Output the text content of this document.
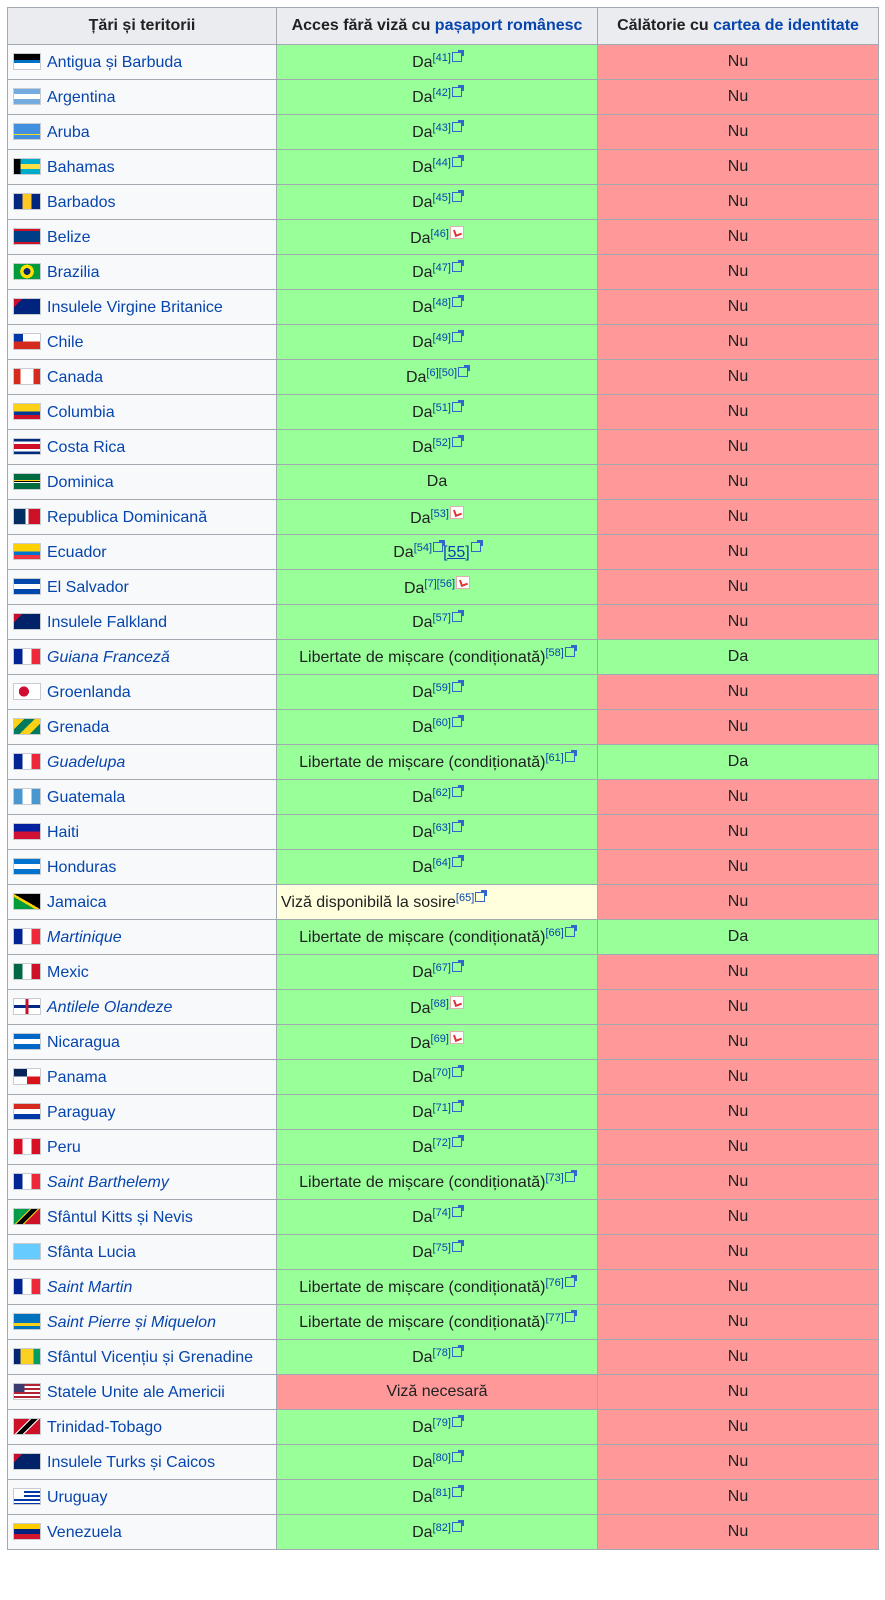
Țări și teritorii	Acces fără viză cu pașaport românesc	Călătorie cu cartea de identitate
Antigua și Barbuda	Da[41]	Nu
Argentina	Da[42]	Nu
Aruba	Da[43]	Nu
Bahamas	Da[44]	Nu
Barbados	Da[45]	Nu
Belize	Da[46]	Nu
Brazilia	Da[47]	Nu
Insulele Virgine Britanice	Da[48]	Nu
Chile	Da[49]	Nu
Canada	Da[6][50]	Nu
Columbia	Da[51]	Nu
Costa Rica	Da[52]	Nu
Dominica	Da	Nu
Republica Dominicană	Da[53]	Nu
Ecuador	Da[54] [55]	Nu
El Salvador	Da[7][56]	Nu
Insulele Falkland	Da[57]	Nu
Guiana Franceză	Libertate de mișcare (condiționată)[58]	Da
Groenlanda	Da[59]	Nu
Grenada	Da[60]	Nu
Guadelupa	Libertate de mișcare (condiționată)[61]	Da
Guatemala	Da[62]	Nu
Haiti	Da[63]	Nu
Honduras	Da[64]	Nu
Jamaica	Viză disponibilă la sosire[65]	Nu
Martinique	Libertate de mișcare (condiționată)[66]	Da
Mexic	Da[67]	Nu
Antilele Olandeze	Da[68]	Nu
Nicaragua	Da[69]	Nu
Panama	Da[70]	Nu
Paraguay	Da[71]	Nu
Peru	Da[72]	Nu
Saint Barthelemy	Libertate de mișcare (condiționată)[73]	Nu
Sfântul Kitts și Nevis	Da[74]	Nu
Sfânta Lucia	Da[75]	Nu
Saint Martin	Libertate de mișcare (condiționată)[76]	Nu
Saint Pierre și Miquelon	Libertate de mișcare (condiționată)[77]	Nu
Sfântul Vicențiu și Grenadine	Da[78]	Nu
Statele Unite ale Americii	Viză necesară	Nu
Trinidad-Tobago	Da[79]	Nu
Insulele Turks și Caicos	Da[80]	Nu
Uruguay	Da[81]	Nu
Venezuela	Da[82]	Nu
